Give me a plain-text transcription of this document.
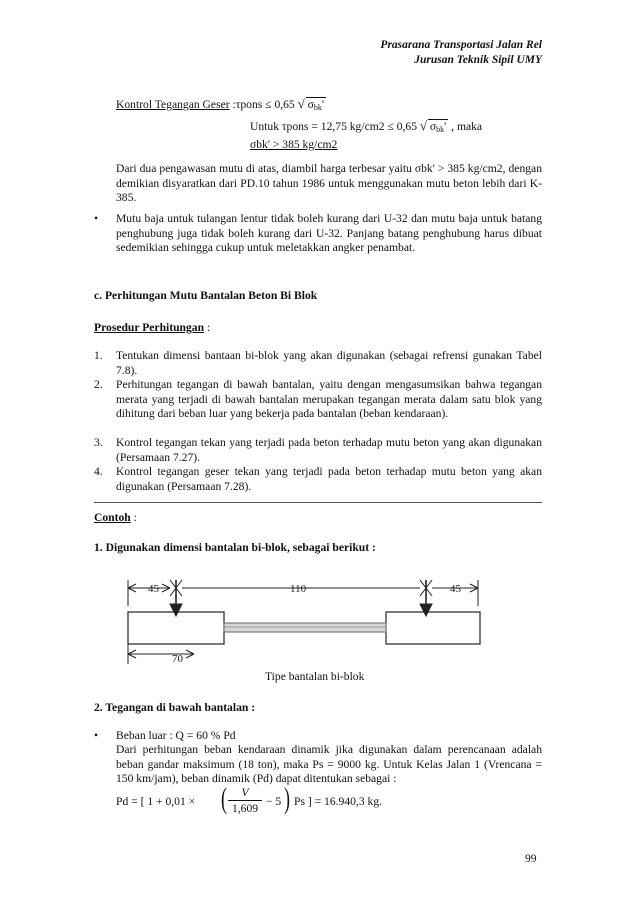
Prasarana Transportasi Jalan Rel
Jurusan Teknik Sipil UMY
Kontrol Tegangan Geser :τpons ≤ 0,65 √ $\sigma_{bk}'$
Untuk τpons = 12,75 kg/cm2 ≤ 0,65 √ $\sigma_{bk}'$ , maka
σbk' > 385 kg/cm2
Dari dua pengawasan mutu di atas, diambil harga terbesar yaitu σbk' > 385 kg/cm2, dengan demikian disyaratkan dari PD.10 tahun 1986 untuk menggunakan mutu beton lebih dari K-385.
• Mutu baja untuk tulangan lentur tidak boleh kurang dari U-32 dan mutu baja untuk batang penghubung juga tidak boleh kurang dari U-32. Panjang batang penghubung harus dibuat sedemikian sehingga cukup untuk meletakkan angker penambat.
c. Perhitungan Mutu Bantalan Beton Bi Blok
Prosedur Perhitungan :
1. Tentukan dimensi bantaan bi-blok yang akan digunakan (sebagai refrensi gunakan Tabel 7.8).
2. Perhitungan tegangan di bawah bantalan, yaitu dengan mengasumsikan bahwa tegangan merata yang terjadi di bawah bantalan merupakan tegangan merata dalam satu blok yang dihitung dari beban luar yang bekerja pada bantalan (beban kendaraan).
3. Kontrol tegangan tekan yang terjadi pada beton terhadap mutu beton yang akan digunakan (Persamaan 7.27).
4. Kontrol tegangan geser tekan yang terjadi pada beton terhadap mutu beton yang akan digunakan (Persamaan 7.28).
Contoh :
1. Digunakan dimensi bantalan bi-blok, sebagai berikut :
45	110	45
70
Tipe bantalan bi-blok
2. Tegangan di bawah bantalan :
• Beban luar : Q = 60 % Pd
Dari perhitungan beban kendaraan dinamik jika digunakan dalam perencanaan adalah beban gandar maksimum (18 ton), maka Ps = 9000 kg. Untuk Kelas Jalan 1 (Vrencana = 150 km/jam), beban dinamik (Pd) dapat ditentukan sebagai :
Pd = [ 1 + 0,01 × (	V
1,609
− 5 ) Ps ] = 16.940,3 kg.
99
